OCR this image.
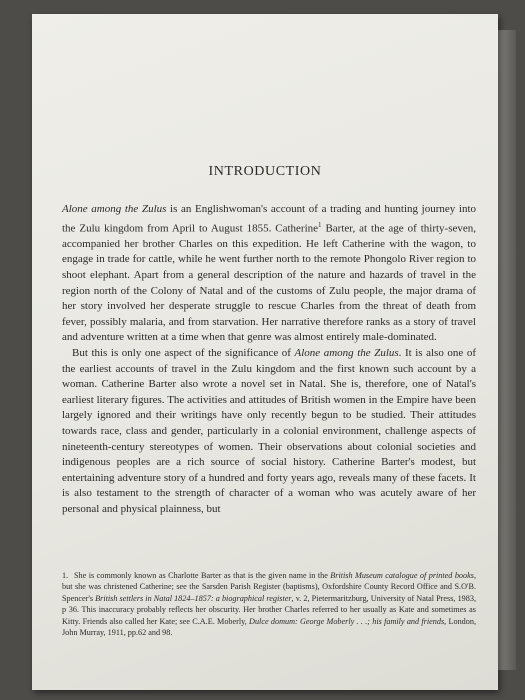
INTRODUCTION

Alone among the Zulus is an Englishwoman's account of a trading and hunting journey into the Zulu kingdom from April to August 1855. Catherine$^1$ Barter, at the age of thirty-seven, accompanied her brother Charles on this expedition. He left Catherine with the wagon, to engage in trade for cattle, while he went further north to the remote Phongolo River region to shoot elephant. Apart from a general description of the nature and hazards of travel in the region north of the Colony of Natal and of the customs of Zulu people, the major drama of her story involved her desperate struggle to rescue Charles from the threat of death from fever, possibly malaria, and from starvation. Her narrative therefore ranks as a story of travel and adventure written at a time when that genre was almost entirely male-dominated.

But this is only one aspect of the significance of Alone among the Zulus. It is also one of the earliest accounts of travel in the Zulu kingdom and the first known such account by a woman. Catherine Barter also wrote a novel set in Natal. She is, therefore, one of Natal's earliest literary figures. The activities and attitudes of British women in the Empire have been largely ignored and their writings have only recently begun to be studied. Their attitudes towards race, class and gender, particularly in a colonial environment, challenge aspects of nineteenth-century stereotypes of women. Their observations about colonial societies and indigenous peoples are a rich source of social history. Catherine Barter's modest, but entertaining adventure story of a hundred and forty years ago, reveals many of these facets. It is also testament to the strength of character of a woman who was acutely aware of her personal and physical plainness, but

1. She is commonly known as Charlotte Barter as that is the given name in the British Museum catalogue of printed books, but she was christened Catherine; see the Sarsden Parish Register (baptisms), Oxfordshire County Record Office and S.O'B. Spencer's British settlers in Natal 1824–1857: a biographical register, v. 2, Pietermaritzburg, University of Natal Press, 1983, p 36. This inaccuracy probably reflects her obscurity. Her brother Charles referred to her usually as Kate and sometimes as Kitty. Friends also called her Kate; see C.A.E. Moberly, Dulce domum: George Moberly . . .; his family and friends, London, John Murray, 1911, pp.62 and 98.
